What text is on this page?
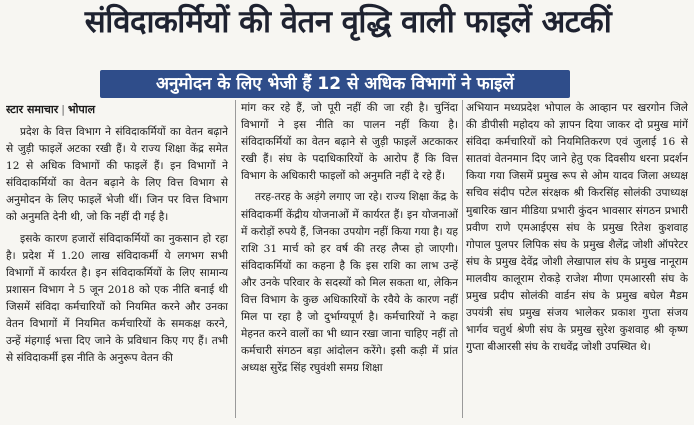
संविदाकर्मियों की वेतन वृद्धि वाली फाइलें अटकीं
अनुमोदन के लिए भेजी हैं 12 से अधिक विभागों ने फाइलें
स्टार समाचार | भोपाल

प्रदेश के वित्त विभाग ने संविदाकर्मियों का वेतन बढ़ाने से जुड़ी फाइलें अटका रखी हैं। ये राज्य शिक्षा केंद्र समेत 12 से अधिक विभागों की फाइलें हैं। इन विभागों ने संविदाकर्मियों का वेतन बढ़ाने के लिए वित्त विभाग से अनुमोदन के लिए फाइलें भेजी थीं। जिन पर वित्त विभाग को अनुमति देनी थी, जो कि नहीं दी गई है।

इसके कारण हजारों संविदाकर्मियों का नुकसान हो रहा है। प्रदेश में 1.20 लाख संविदाकर्मी ये लगभग सभी विभागों में कार्यरत है। इन संविदाकर्मियों के लिए सामान्य प्रशासन विभाग ने 5 जून 2018 को एक नीति बनाई थी जिसमें संविदा कर्मचारियों को नियमित करने और उनका वेतन विभागों में नियमित कर्मचारियों के समकक्ष करने, उन्हें मंहगाई भत्ता दिए जाने के प्रविधान किए गए हैं। तभी से संविदाकर्मी इस नीति के अनुरूप वेतन की

मांग कर रहे हैं, जो पूरी नहीं की जा रही है। चुनिंदा विभागों ने इस नीति का पालन नहीं किया है। संविदाकर्मियों का वेतन बढ़ाने से जुड़ी फाइलें अटकाकर रखी हैं। संघ के पदाधिकारियों के आरोप हैं कि वित्त विभाग के अधिकारी फाइलों को अनुमति नहीं दे रहे हैं।

तरह-तरह के अड़ंगे लगाए जा रहे। राज्य शिक्षा केंद्र के संविदाकर्मी केंद्रीय योजनाओं में कार्यरत हैं। इन योजनाओं में करोड़ों रुपये हैं, जिनका उपयोग नहीं किया गया है। यह राशि 31 मार्च को हर वर्ष की तरह लैप्स हो जाएगी। संविदाकर्मियों का कहना है कि इस राशि का लाभ उन्हें और उनके परिवार के सदस्यों को मिल सकता था, लेकिन वित्त विभाग के कुछ अधिकारियों के रवैये के कारण नहीं मिल पा रहा है जो दुर्भाग्यपूर्ण है। कर्मचारियों ने कहा मेहनत करने वालों का भी ध्यान रखा जाना चाहिए नहीं तो कर्मचारी संगठन बड़ा आंदोलन करेंगे। इसी कड़ी में प्रांत अध्यक्ष सुरेंद्र सिंह रघुवंशी समग्र शिक्षा

अभियान मध्यप्रदेश भोपाल के आव्हान पर खरगोन जिले की डीपीसी महोदय को ज्ञापन दिया जाकर दो प्रमुख मांगें संविदा कर्मचारियों को नियमितिकरण एवं जुलाई 16 से सातवां वेतनमान दिए जाने हेतु एक दिवसीय धरना प्रदर्शन किया गया जिसमें प्रमुख रूप से ओम यादव जिला अध्यक्ष सचिव संदीप पटेल संरक्षक श्री किरसिंह सोलंकी उपाध्यक्ष मुबारिक खान मीडिया प्रभारी कुंदन भावसार संगठन प्रभारी प्रवीण राणे एमआईएस संघ के प्रमुख रितेश कुशवाह गोपाल पुलपर लिपिक संघ के प्रमुख शैलेंद्र जोशी ऑपरेटर संघ के प्रमुख देवेंद्र जोशी लेखापाल संघ के प्रमुख नानूराम मालवीय कालूराम रोकड़े राजेश मीणा एमआरसी संघ के प्रमुख प्रदीप सोलंकी वार्डन संघ के प्रमुख बघेल मैडम उपयंत्री संघ प्रमुख संजय भालेकर प्रकाश गुप्ता संजय भार्गव चतुर्थ श्रेणी संघ के प्रमुख सुरेश कुशवाह श्री कृष्ण गुप्ता बीआरसी संघ के राधवेंद्र जोशी उपस्थित थे।
